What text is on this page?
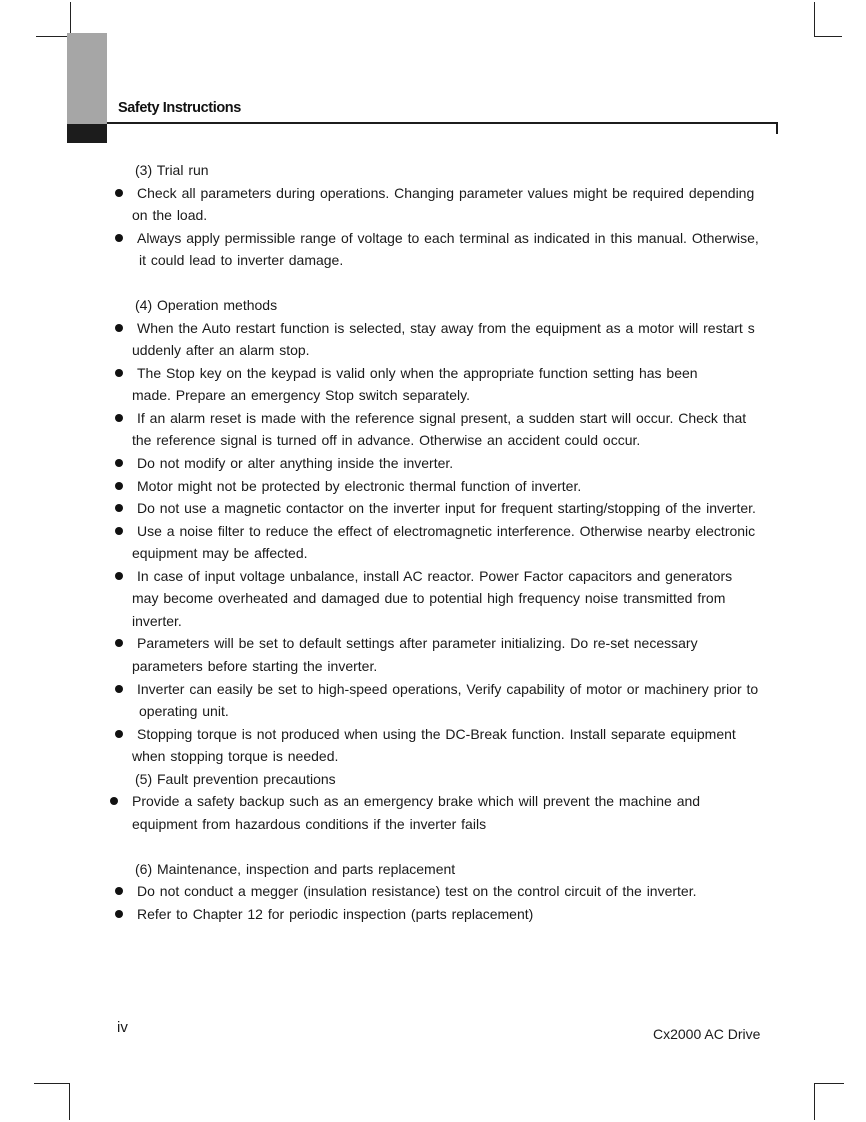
Safety Instructions
(3) Trial run
Check all parameters during operations. Changing parameter values might be required depending
on the load.
Always apply permissible range of voltage to each terminal as indicated in this manual. Otherwise,
it could lead to inverter damage.
(4) Operation methods
When the Auto restart function is selected, stay away from the equipment as a motor will restart s
uddenly after an alarm stop.
The Stop key on the keypad is valid only when the appropriate function setting has been
made. Prepare an emergency Stop switch separately.
If an alarm reset is made with the reference signal present, a sudden start will occur. Check that
the reference signal is turned off in advance. Otherwise an accident could occur.
Do not modify or alter anything inside the inverter.
Motor might not be protected by electronic thermal function of inverter.
Do not use a magnetic contactor on the inverter input for frequent starting/stopping of the inverter.
Use a noise filter to reduce the effect of electromagnetic interference. Otherwise nearby electronic
equipment may be affected.
In case of input voltage unbalance, install AC reactor. Power Factor capacitors and generators
may become overheated and damaged due to potential high frequency noise transmitted from
inverter.
Parameters will be set to default settings after parameter initializing. Do re-set necessary
parameters before starting the inverter.
Inverter can easily be set to high-speed operations, Verify capability of motor or machinery prior to
operating unit.
Stopping torque is not produced when using the DC-Break function. Install separate equipment
when stopping torque is needed.
(5) Fault prevention precautions
Provide a safety backup such as an emergency brake which will prevent the machine and
equipment from hazardous conditions if the inverter fails
(6) Maintenance, inspection and parts replacement
Do not conduct a megger (insulation resistance) test on the control circuit of the inverter.
Refer to Chapter 12 for periodic inspection (parts replacement)
iv	Cx2000 AC Drive
